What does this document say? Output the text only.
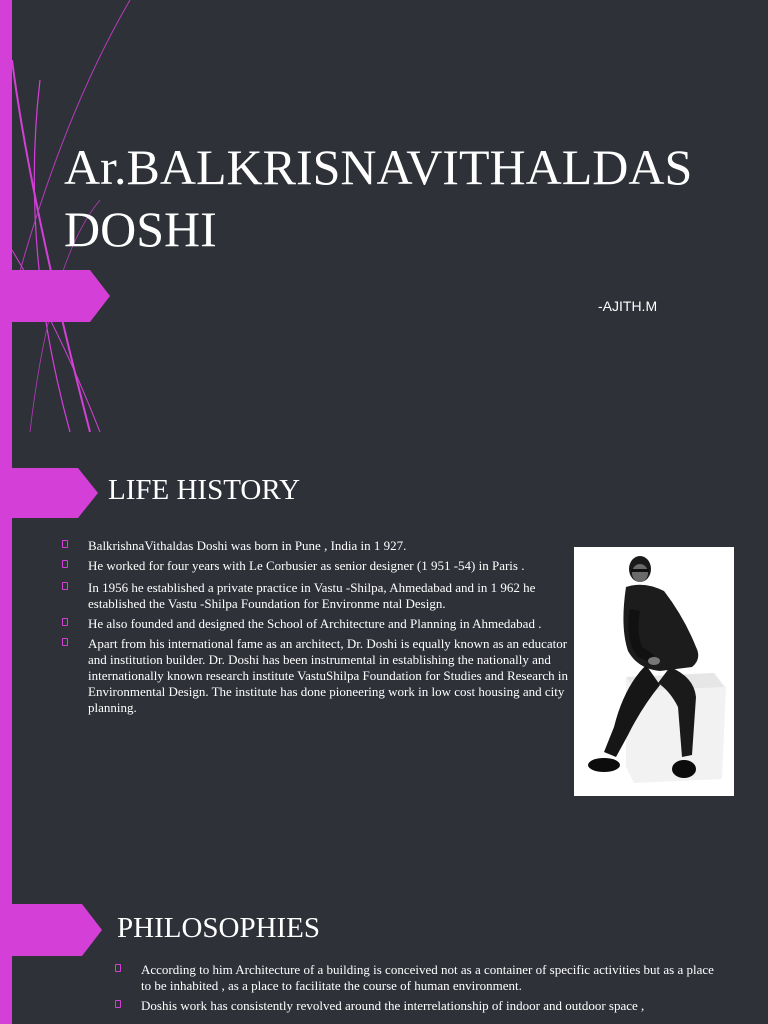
Ar.BALKRISNAVITHALDAS DOSHI
-AJITH.M
LIFE HISTORY
BalkrishnaVithaldas Doshi was born in Pune , India in 1 927.
He worked for four years with Le Corbusier as senior designer (1 951 -54) in Paris .
In 1956 he established a private practice in Vastu -Shilpa, Ahmedabad and in 1 962 he established the Vastu -Shilpa Foundation for Environme ntal Design.
He also founded and designed the School of Architecture and Planning in Ahmedabad .
Apart from his international fame as an architect, Dr. Doshi is equally known as an educator and institution builder. Dr. Doshi has been instrumental in establishing the nationally and internationally known research institute VastuShilpa Foundation for Studies and Research in Environmental Design. The institute has done pioneering work in low cost housing and city planning.
PHILOSOPHIES
According to him Architecture of a building is conceived not as a container of specific activities but as a place to be inhabited , as a place to facilitate the course of human environment.
Doshis work has consistently revolved around the interrelationship of indoor and outdoor space ,
